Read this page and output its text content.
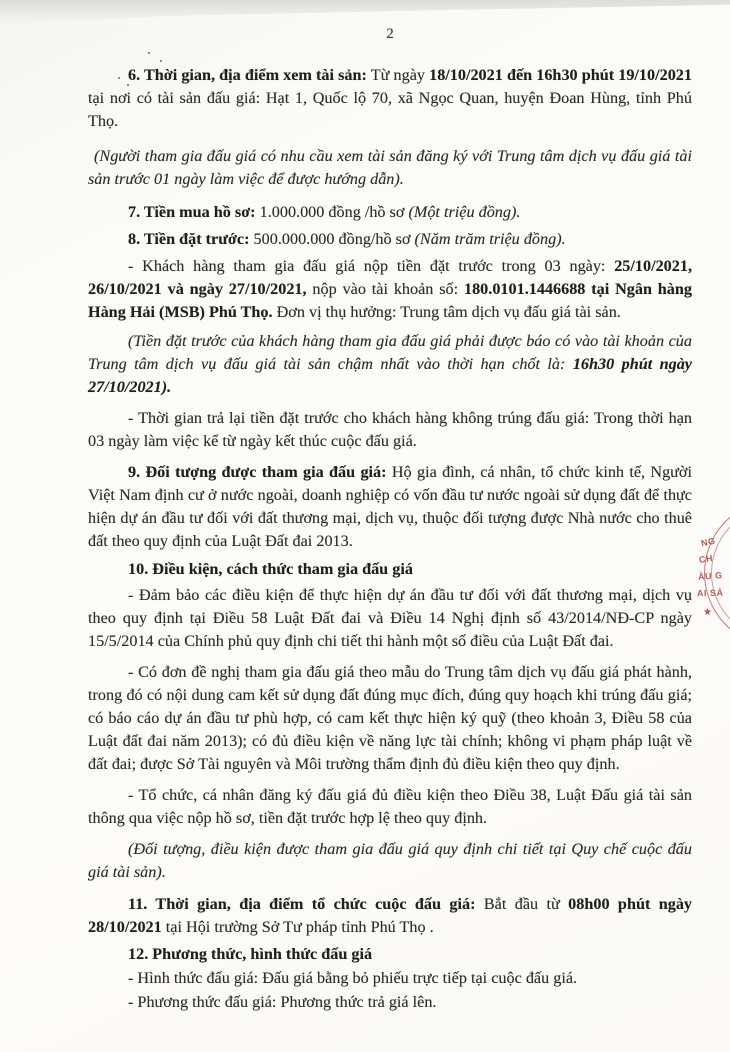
2

6. Thời gian, địa điểm xem tài sản: Từ ngày 18/10/2021 đến 16h30 phút 19/10/2021 tại nơi có tài sản đấu giá: Hạt 1, Quốc lộ 70, xã Ngọc Quan, huyện Đoan Hùng, tỉnh Phú Thọ.

(Người tham gia đấu giá có nhu cầu xem tài sản đăng ký với Trung tâm dịch vụ đấu giá tài sản trước 01 ngày làm việc để được hướng dẫn).

7. Tiền mua hồ sơ: 1.000.000 đồng /hồ sơ (Một triệu đồng).

8. Tiền đặt trước: 500.000.000 đồng/hồ sơ (Năm trăm triệu đồng).

- Khách hàng tham gia đấu giá nộp tiền đặt trước trong 03 ngày: 25/10/2021, 26/10/2021 và ngày 27/10/2021, nộp vào tài khoản số: 180.0101.1446688 tại Ngân hàng Hàng Hải (MSB) Phú Thọ. Đơn vị thụ hưởng: Trung tâm dịch vụ đấu giá tài sản.

(Tiền đặt trước của khách hàng tham gia đấu giá phải được báo có vào tài khoản của Trung tâm dịch vụ đấu giá tài sản chậm nhất vào thời hạn chốt là: 16h30 phút ngày 27/10/2021).

- Thời gian trả lại tiền đặt trước cho khách hàng không trúng đấu giá: Trong thời hạn 03 ngày làm việc kể từ ngày kết thúc cuộc đấu giá.

9. Đối tượng được tham gia đấu giá: Hộ gia đình, cá nhân, tổ chức kinh tế, Người Việt Nam định cư ở nước ngoài, doanh nghiệp có vốn đầu tư nước ngoài sử dụng đất để thực hiện dự án đầu tư đối với đất thương mại, dịch vụ, thuộc đối tượng được Nhà nước cho thuê đất theo quy định của Luật Đất đai 2013.

10. Điều kiện, cách thức tham gia đấu giá

- Đảm bảo các điều kiện để thực hiện dự án đầu tư đối với đất thương mại, dịch vụ theo quy định tại Điều 58 Luật Đất đai và Điều 14 Nghị định số 43/2014/NĐ-CP ngày 15/5/2014 của Chính phủ quy định chi tiết thi hành một số điều của Luật Đất đai.

- Có đơn đề nghị tham gia đấu giá theo mẫu do Trung tâm dịch vụ đấu giá phát hành, trong đó có nội dung cam kết sử dụng đất đúng mục đích, đúng quy hoạch khi trúng đấu giá; có báo cáo dự án đầu tư phù hợp, có cam kết thực hiện ký quỹ (theo khoản 3, Điều 58 của Luật đất đai năm 2013); có đủ điều kiện về năng lực tài chính; không vi phạm pháp luật về đất đai; được Sở Tài nguyên và Môi trường thẩm định đủ điều kiện theo quy định.

- Tổ chức, cá nhân đăng ký đấu giá đủ điều kiện theo Điều 38, Luật Đấu giá tài sản thông qua việc nộp hồ sơ, tiền đặt trước hợp lệ theo quy định.

(Đối tượng, điều kiện được tham gia đấu giá quy định chi tiết tại Quy chế cuộc đấu giá tài sản).

11. Thời gian, địa điểm tổ chức cuộc đấu giá: Bắt đầu từ 08h00 phút ngày 28/10/2021 tại Hội trường Sở Tư pháp tỉnh Phú Thọ .

12. Phương thức, hình thức đấu giá

- Hình thức đấu giá: Đấu giá bằng bỏ phiếu trực tiếp tại cuộc đấu giá.

- Phương thức đấu giá: Phương thức trả giá lên.

NG
CH
ÀU G
AI SẢ
★
